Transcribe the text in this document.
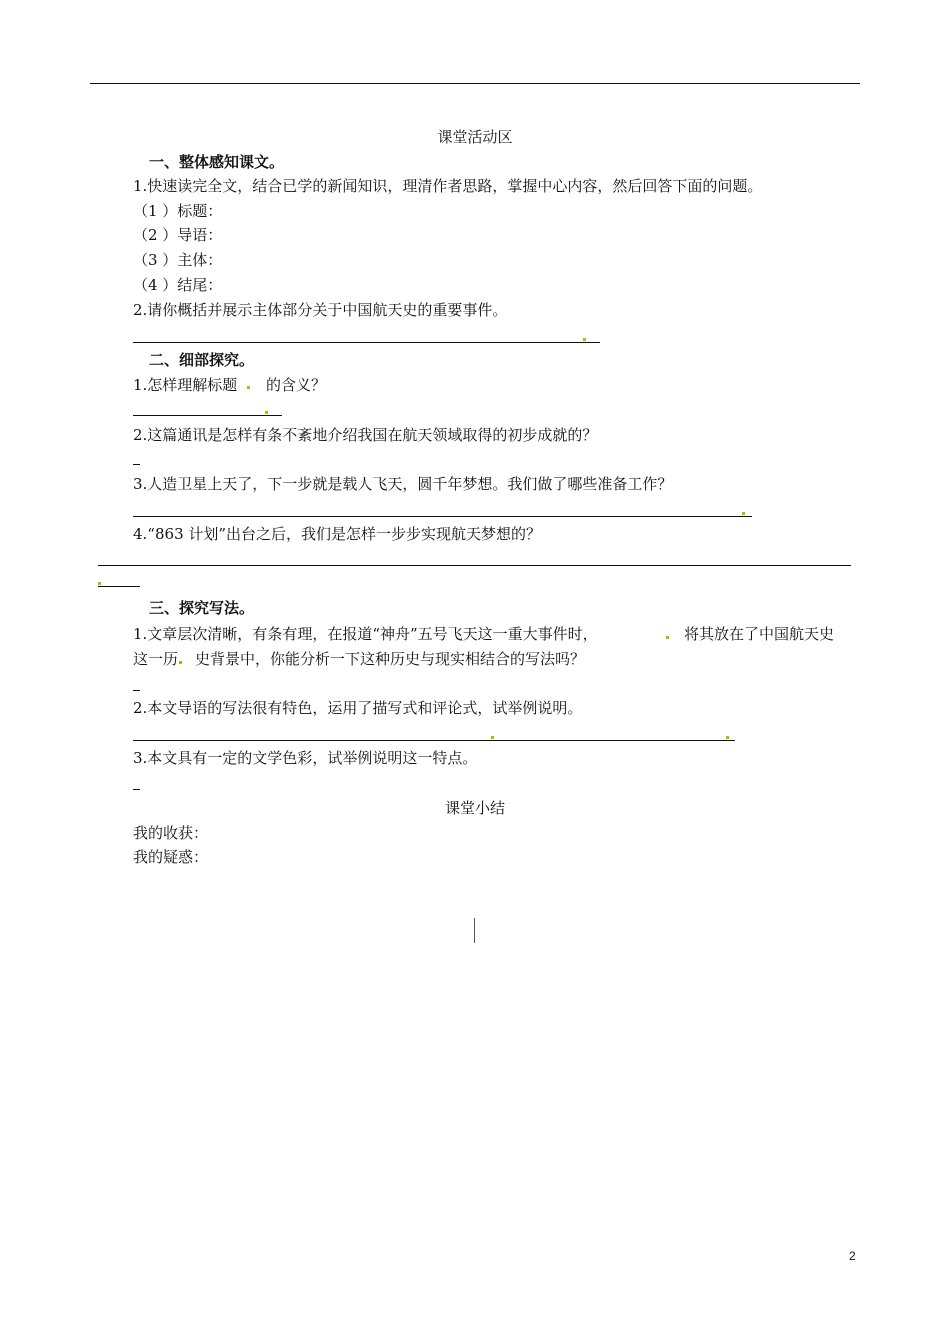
课堂活动区
一、整体感知课文。
1.快速读完全文，结合已学的新闻知识，理清作者思路，掌握中心内容，然后回答下面的问题。
（1 ）标题：
（2 ）导语：
（3 ）主体：
（4 ）结尾：
2.请你概括并展示主体部分关于中国航天史的重要事件。
二、细部探究。
1.怎样理解标题 的含义？
2.这篇通讯是怎样有条不紊地介绍我国在航天领域取得的初步成就的？
3.人造卫星上天了，下一步就是载人飞天，圆千年梦想。我们做了哪些准备工作？
4.“863 计划”出台之后，我们是怎样一步步实现航天梦想的？
三、探究写法。
1.文章层次清晰，有条有理，在报道“神舟”五号飞天这一重大事件时，	将其放在了中国航天史
这一历 史背景中，你能分析一下这种历史与现实相结合的写法吗？
2.本文导语的写法很有特色，运用了描写式和评论式，试举例说明。
3.本文具有一定的文学色彩，试举例说明这一特点。
课堂小结
我的收获：
我的疑惑：
2
